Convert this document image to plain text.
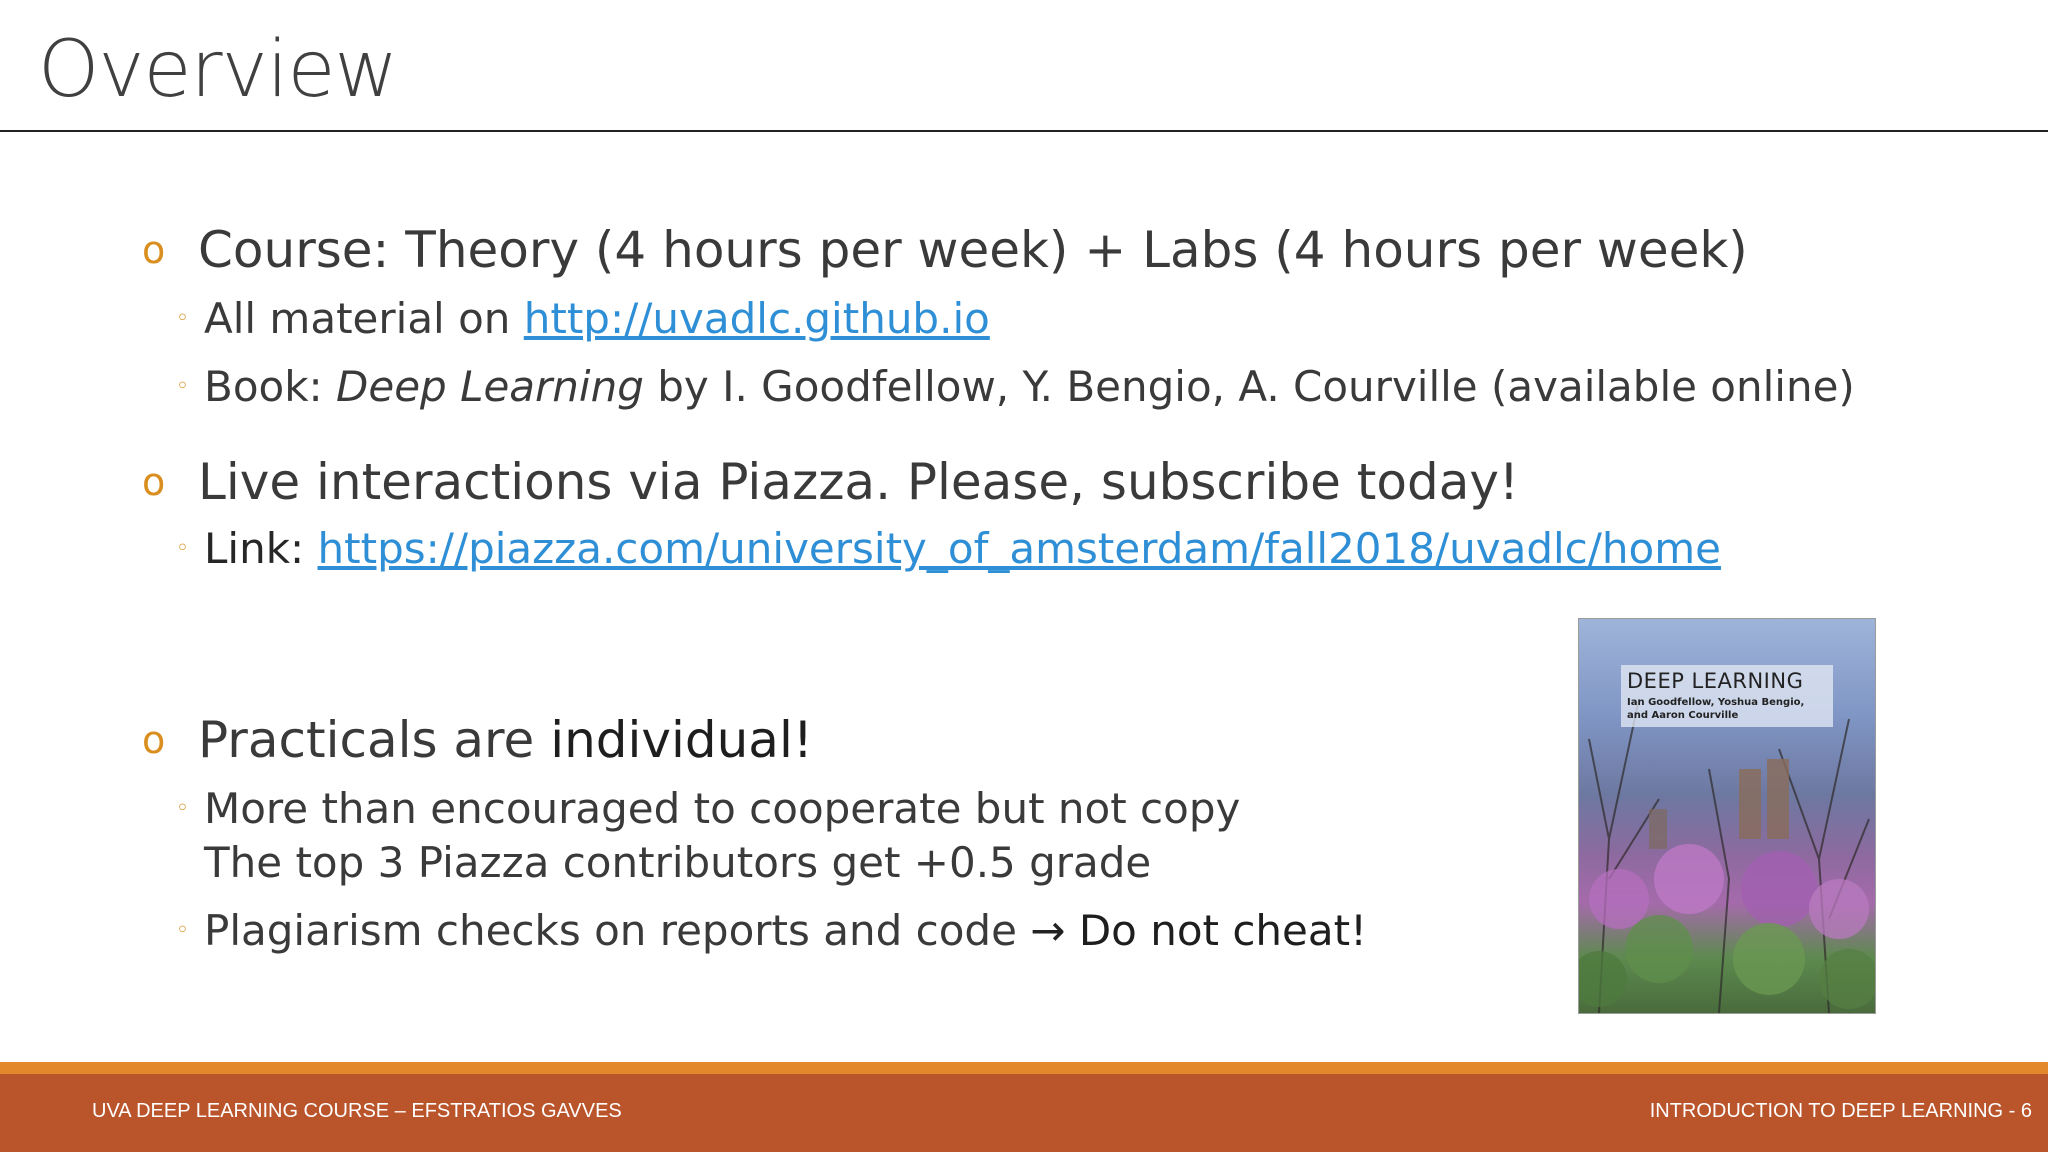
Overview
o Course: Theory (4 hours per week) + Labs (4 hours per week)
◦ All material on http://uvadlc.github.io
◦ Book: Deep Learning by I. Goodfellow, Y. Bengio, A. Courville (available online)
o Live interactions via Piazza. Please, subscribe today!
◦ Link: https://piazza.com/university_of_amsterdam/fall2018/uvadlc/home
o Practicals are individual!
◦ More than encouraged to cooperate but not copy
The top 3 Piazza contributors get +0.5 grade
◦ Plagiarism checks on reports and code → Do not cheat!
DEEP LEARNING
Ian Goodfellow, Yoshua Bengio,
and Aaron Courville
UVA DEEP LEARNING COURSE – EFSTRATIOS GAVVES	INTRODUCTION TO DEEP LEARNING - 6
